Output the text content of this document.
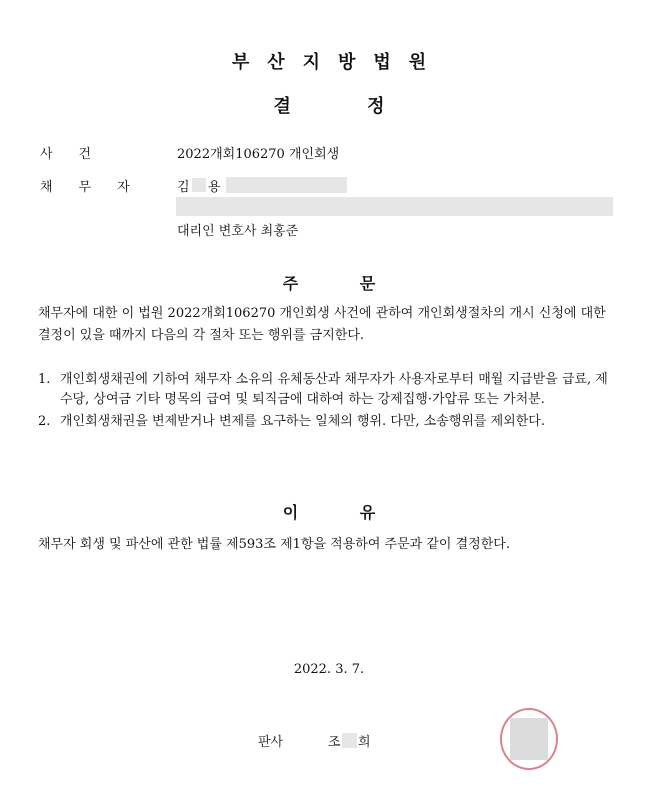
부산지방법원
결 정
사건	2022개회106270 개인회생
채무자 김 용
대리인 변호사 최홍준
주 문
채무자에 대한 이 법원 2022개회106270 개인회생 사건에 관하여 개인회생절차의 개시 신청에 대한 결정이 있을 때까지 다음의 각 절차 또는 행위를 금지한다.
1. 개인회생채권에 기하여 채무자 소유의 유체동산과 채무자가 사용자로부터 매월 지급받을 급료, 제수당, 상여금 기타 명목의 급여 및 퇴직금에 대하여 하는 강제집행·가압류 또는 가처분.
2. 개인회생채권을 변제받거나 변제를 요구하는 일체의 행위. 다만, 소송행위를 제외한다.
이 유
채무자 회생 및 파산에 관한 법률 제593조 제1항을 적용하여 주문과 같이 결정한다.
2022. 3. 7.
판사	조 희
